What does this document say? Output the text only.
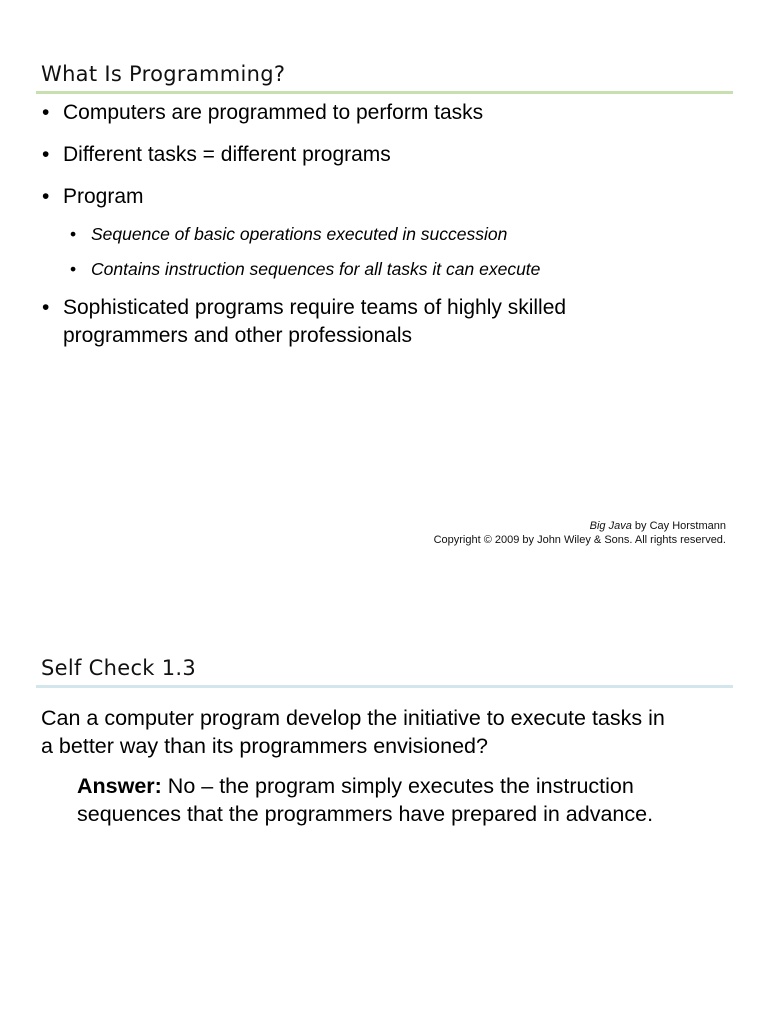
What Is Programming?
• Computers are programmed to perform tasks
• Different tasks = different programs
• Program
• Sequence of basic operations executed in succession
• Contains instruction sequences for all tasks it can execute
• Sophisticated programs require teams of highly skilled
programmers and other professionals
Big Java by Cay Horstmann
Copyright © 2009 by John Wiley & Sons. All rights reserved.
Self Check 1.3
Can a computer program develop the initiative to execute tasks in
a better way than its programmers envisioned?
Answer: No – the program simply executes the instruction
sequences that the programmers have prepared in advance.
